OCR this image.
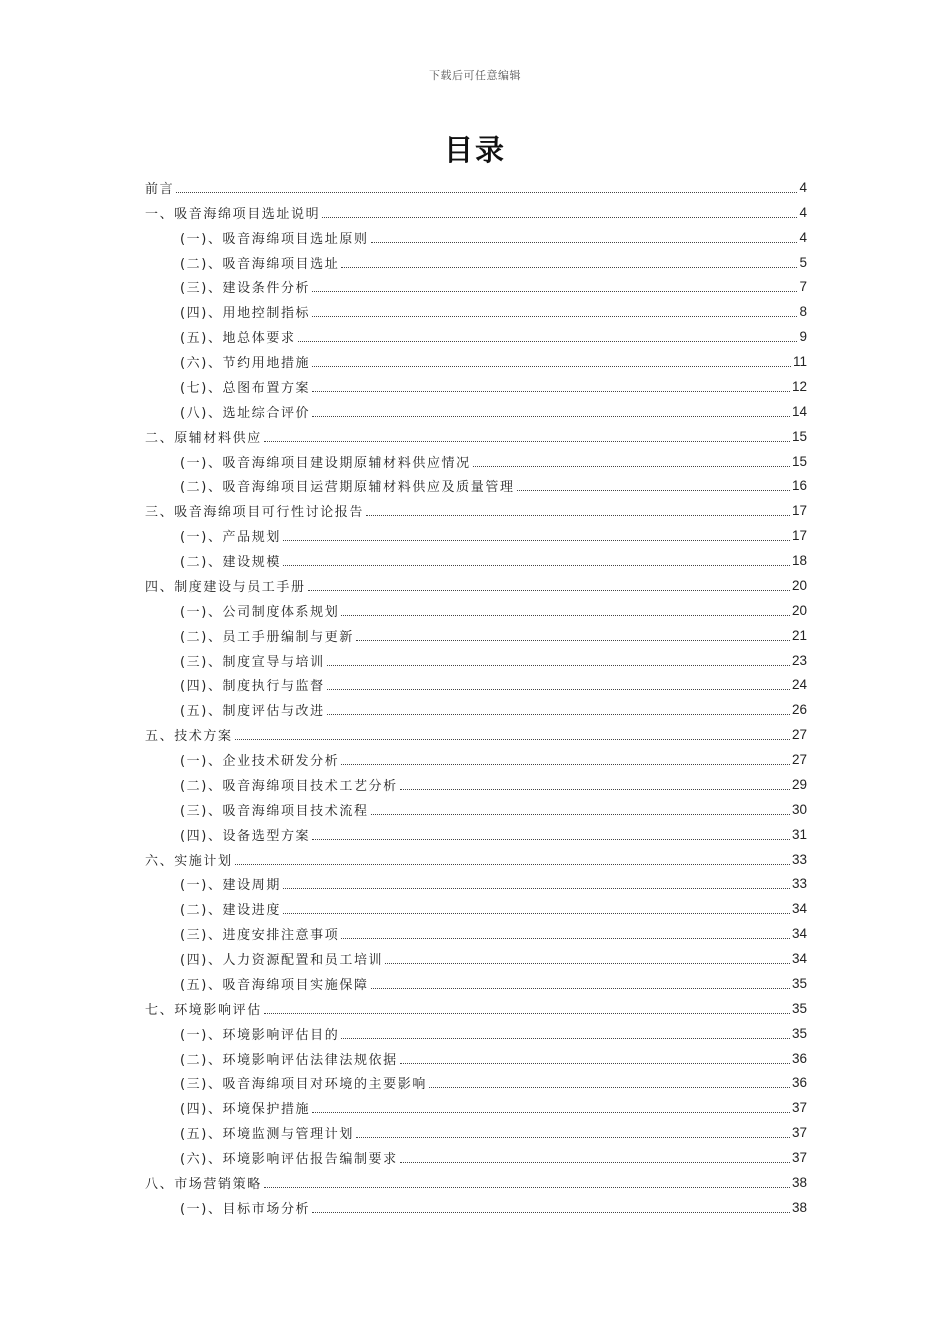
下载后可任意编辑
目录
前言	4
一、吸音海绵项目选址说明	4
(一)、吸音海绵项目选址原则	4
(二)、吸音海绵项目选址	5
(三)、建设条件分析	7
(四)、用地控制指标	8
(五)、地总体要求	9
(六)、节约用地措施	11
(七)、总图布置方案	12
(八)、选址综合评价	14
二、原辅材料供应	15
(一)、吸音海绵项目建设期原辅材料供应情况	15
(二)、吸音海绵项目运营期原辅材料供应及质量管理	16
三、吸音海绵项目可行性讨论报告	17
(一)、产品规划	17
(二)、建设规模	18
四、制度建设与员工手册	20
(一)、公司制度体系规划	20
(二)、员工手册编制与更新	21
(三)、制度宣导与培训	23
(四)、制度执行与监督	24
(五)、制度评估与改进	26
五、技术方案	27
(一)、企业技术研发分析	27
(二)、吸音海绵项目技术工艺分析	29
(三)、吸音海绵项目技术流程	30
(四)、设备选型方案	31
六、实施计划	33
(一)、建设周期	33
(二)、建设进度	34
(三)、进度安排注意事项	34
(四)、人力资源配置和员工培训	34
(五)、吸音海绵项目实施保障	35
七、环境影响评估	35
(一)、环境影响评估目的	35
(二)、环境影响评估法律法规依据	36
(三)、吸音海绵项目对环境的主要影响	36
(四)、环境保护措施	37
(五)、环境监测与管理计划	37
(六)、环境影响评估报告编制要求	37
八、市场营销策略	38
(一)、目标市场分析	38
